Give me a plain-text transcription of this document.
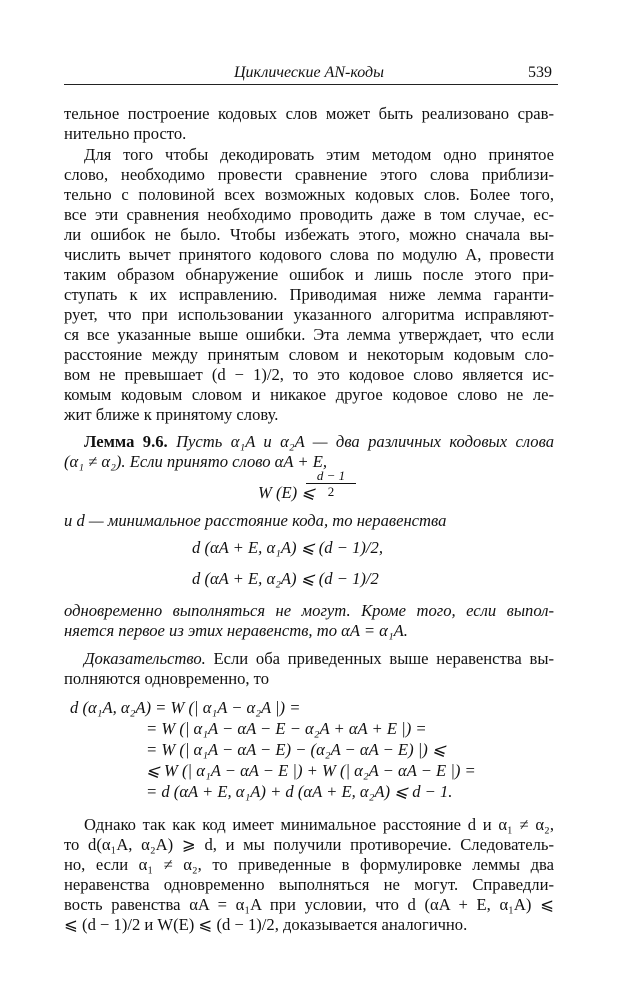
Циклические AN-коды	539
тельное построение кодовых слов может быть реализовано срав-
нительно просто.
Для того чтобы декодировать этим методом одно принятое
слово, необходимо провести сравнение этого слова приблизи-
тельно с половиной всех возможных кодовых слов. Более того,
все эти сравнения необходимо проводить даже в том случае, ес-
ли ошибок не было. Чтобы избежать этого, можно сначала вы-
числить вычет принятого кодового слова по модулю A, провести
таким образом обнаружение ошибок и лишь после этого при-
ступать к их исправлению. Приводимая ниже лемма гаранти-
рует, что при использовании указанного алгоритма исправляют-
ся все указанные выше ошибки. Эта лемма утверждает, что если
расстояние между принятым словом и некоторым кодовым сло-
вом не превышает (d − 1)/2, то это кодовое слово является ис-
комым кодовым словом и никакое другое кодовое слово не ле-
жит ближе к принятому слову.
Лемма 9.6. Пусть α₁A и α₂A — два различных кодовых слова
(α₁ ≠ α₂). Если принято слово αA + E,
W (E) ⩽
$\frac{d - 1}{2}$
и d — минимальное расстояние кода, то неравенства
d (αA + E, α₁A) ⩽ (d − 1)/2,
d (αA + E, α₂A) ⩽ (d − 1)/2
одновременно выполняться не могут. Кроме того, если выпол-
няется первое из этих неравенств, то αA = α₁A.
Доказательство. Если оба приведенных выше неравенства вы-
полняются одновременно, то
d (α₁A, α₂A) = W (| α₁A − α₂A |) =
= W (| α₁A − αA − E − α₂A + αA + E |) =
= W (| α₁A − αA − E) − (α₂A − αA − E) |) ⩽
⩽ W (| α₁A − αA − E |) + W (| α₂A − αA − E |) =
= d (αA + E, α₁A) + d (αA + E, α₂A) ⩽ d − 1.
Однако так как код имеет минимальное расстояние d и α₁ ≠ α₂,
то d(α₁A, α₂A) ⩾ d, и мы получили противоречие. Следователь-
но, если α₁ ≠ α₂, то приведенные в формулировке леммы два
неравенства одновременно выполняться не могут. Справедли-
вость равенства αA = α₁A при условии, что d (αA + E, α₁A) ⩽
⩽ (d − 1)/2 и W(E) ⩽ (d − 1)/2, доказывается аналогично.
